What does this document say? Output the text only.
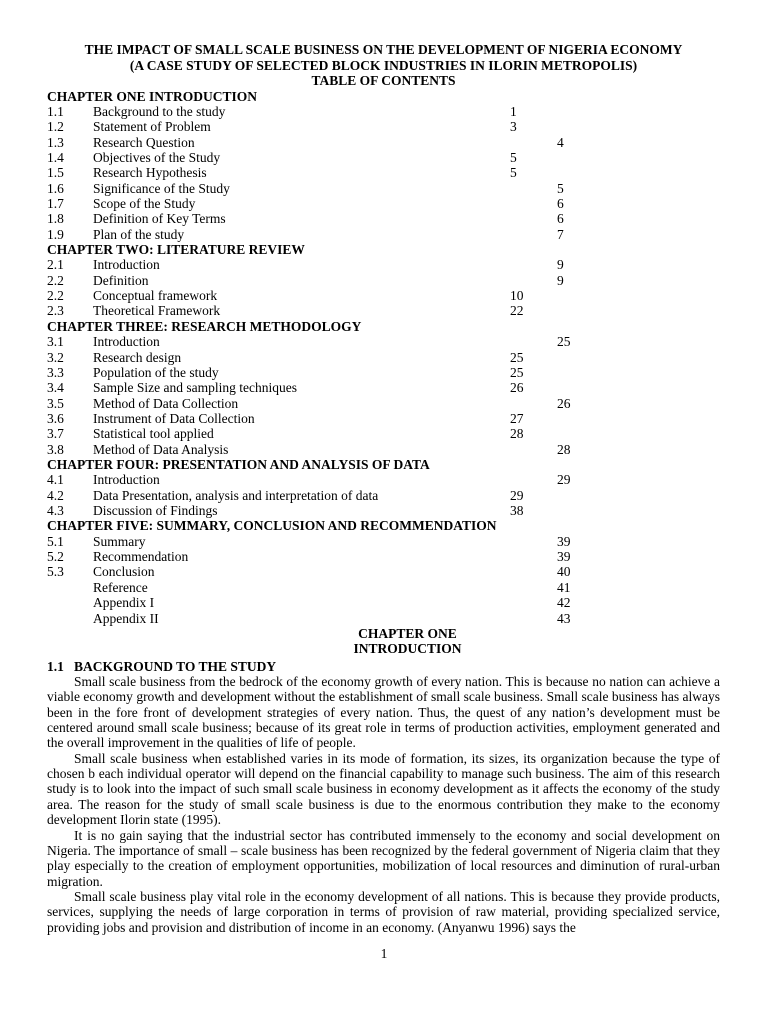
THE IMPACT OF SMALL SCALE BUSINESS ON THE DEVELOPMENT OF NIGERIA ECONOMY
(A CASE STUDY OF SELECTED BLOCK INDUSTRIES IN ILORIN METROPOLIS)
TABLE OF CONTENTS
CHAPTER ONE INTRODUCTION
1.1 Background to the study	1
1.2 Statement of Problem	3
1.3 Research Question	4
1.4 Objectives of the Study	5
1.5 Research Hypothesis	5
1.6 Significance of the Study	5
1.7 Scope of the Study	6
1.8 Definition of Key Terms	6
1.9 Plan of the study	7
CHAPTER TWO: LITERATURE REVIEW
2.1 Introduction	9
2.2 Definition	9
2.2 Conceptual framework	10
2.3 Theoretical Framework	22
CHAPTER THREE: RESEARCH METHODOLOGY
3.1 Introduction	25
3.2 Research design	25
3.3 Population of the study	25
3.4 Sample Size and sampling techniques	26
3.5 Method of Data Collection	26
3.6 Instrument of Data Collection	27
3.7 Statistical tool applied	28
3.8 Method of Data Analysis	28
CHAPTER FOUR: PRESENTATION AND ANALYSIS OF DATA
4.1 Introduction	29
4.2 Data Presentation, analysis and interpretation of data	29
4.3 Discussion of Findings	38
CHAPTER FIVE: SUMMARY, CONCLUSION AND RECOMMENDATION
5.1 Summary	39
5.2 Recommendation	39
5.3 Conclusion	40
Reference	41
Appendix I	42
Appendix II	43
CHAPTER ONE
INTRODUCTION
1.1 BACKGROUND TO THE STUDY

Small scale business from the bedrock of the economy growth of every nation. This is because no nation can achieve a viable economy growth and development without the establishment of small scale business. Small scale business has always been in the fore front of development strategies of every nation. Thus, the quest of any nation’s development must be centered around small scale business; because of its great role in terms of production activities, employment generated and the overall improvement in the qualities of life of people.

Small scale business when established varies in its mode of formation, its sizes, its organization because the type of chosen b each individual operator will depend on the financial capability to manage such business. The aim of this research study is to look into the impact of such small scale business in economy development as it affects the economy of the study area. The reason for the study of small scale business is due to the enormous contribution they make to the economy development Ilorin state (1995).

It is no gain saying that the industrial sector has contributed immensely to the economy and social development on Nigeria. The importance of small – scale business has been recognized by the federal government of Nigeria claim that they play especially to the creation of employment opportunities, mobilization of local resources and diminution of rural-urban migration.

Small scale business play vital role in the economy development of all nations. This is because they provide products, services, supplying the needs of large corporation in terms of provision of raw material, providing specialized service, providing jobs and provision and distribution of income in an economy. (Anyanwu 1996) says the

1
